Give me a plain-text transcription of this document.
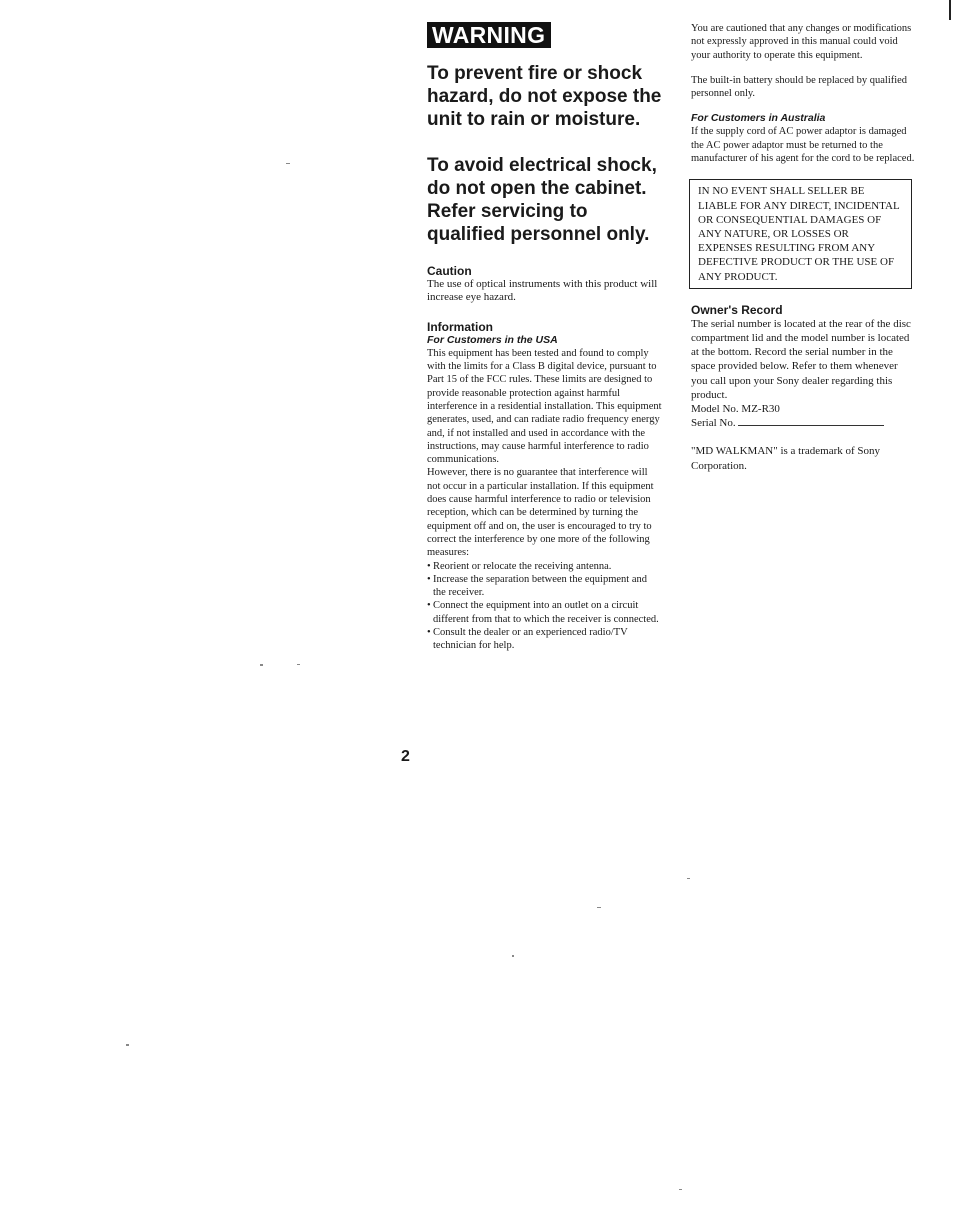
WARNING

To prevent fire or shock hazard, do not expose the unit to rain or moisture.

To avoid electrical shock, do not open the cabinet. Refer servicing to qualified personnel only.

Caution

The use of optical instruments with this product will increase eye hazard.

Information

For Customers in the USA

This equipment has been tested and found to comply with the limits for a Class B digital device, pursuant to Part 15 of the FCC rules. These limits are designed to provide reasonable protection against harmful interference in a residential installation. This equipment generates, used, and can radiate radio frequency energy and, if not installed and used in accordance with the instructions, may cause harmful interference to radio communications.

However, there is no guarantee that interference will not occur in a particular installation. If this equipment does cause harmful interference to radio or television reception, which can be determined by turning the equipment off and on, the user is encouraged to try to correct the interference by one more of the following measures:

• Reorient or relocate the receiving antenna.
• Increase the separation between the equipment and the receiver.
• Connect the equipment into an outlet on a circuit different from that to which the receiver is connected.
• Consult the dealer or an experienced radio/TV technician for help.
2

You are cautioned that any changes or modifications not expressly approved in this manual could void your authority to operate this equipment.

The built-in battery should be replaced by qualified personnel only.

For Customers in Australia

If the supply cord of AC power adaptor is damaged the AC power adaptor must be returned to the manufacturer of his agent for the cord to be replaced.

IN NO EVENT SHALL SELLER BE LIABLE FOR ANY DIRECT, INCIDENTAL OR CONSEQUENTIAL DAMAGES OF ANY NATURE, OR LOSSES OR EXPENSES RESULTING FROM ANY DEFECTIVE PRODUCT OR THE USE OF ANY PRODUCT.

Owner's Record

The serial number is located at the rear of the disc compartment lid and the model number is located at the bottom. Record the serial number in the space provided below. Refer to them whenever you call upon your Sony dealer regarding this product.

Model No. MZ-R30

Serial No.

"MD WALKMAN" is a trademark of Sony Corporation.
